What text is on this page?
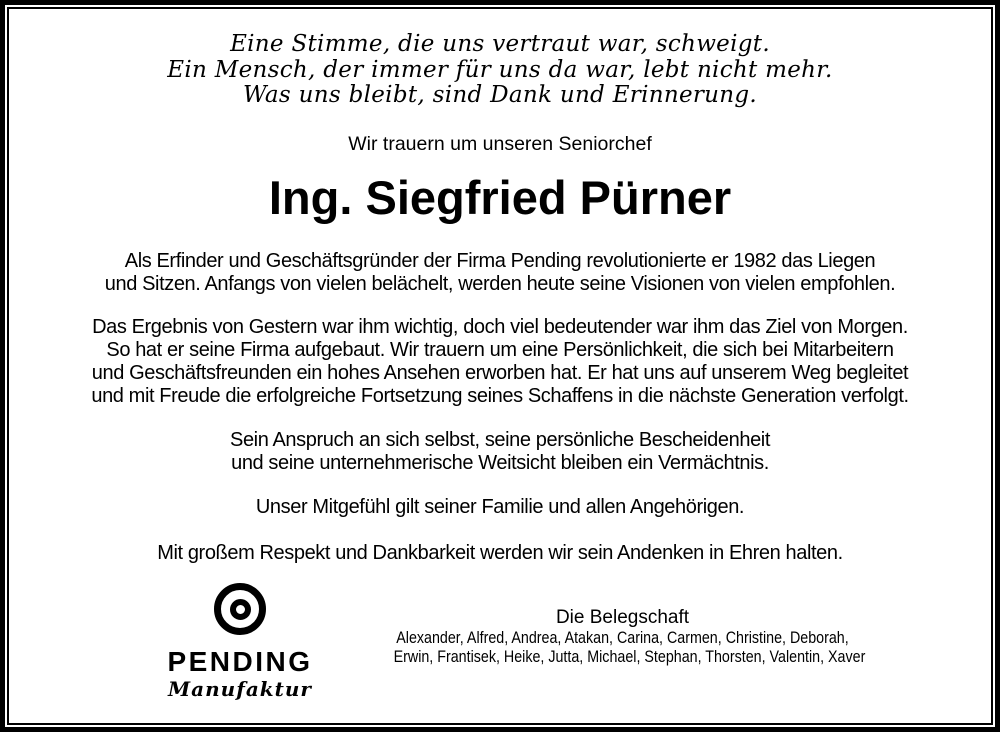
Eine Stimme, die uns vertraut war, schweigt.
Ein Mensch, der immer für uns da war, lebt nicht mehr.
Was uns bleibt, sind Dank und Erinnerung.
Wir trauern um unseren Seniorchef
Ing. Siegfried Pürner
Als Erfinder und Geschäftsgründer der Firma Pending revolutionierte er 1982 das Liegen
und Sitzen. Anfangs von vielen belächelt, werden heute seine Visionen von vielen empfohlen.
Das Ergebnis von Gestern war ihm wichtig, doch viel bedeutender war ihm das Ziel von Morgen.
So hat er seine Firma aufgebaut. Wir trauern um eine Persönlichkeit, die sich bei Mitarbeitern
und Geschäftsfreunden ein hohes Ansehen erworben hat. Er hat uns auf unserem Weg begleitet
und mit Freude die erfolgreiche Fortsetzung seines Schaffens in die nächste Generation verfolgt.
Sein Anspruch an sich selbst, seine persönliche Bescheidenheit
und seine unternehmerische Weitsicht bleiben ein Vermächtnis.
Unser Mitgefühl gilt seiner Familie und allen Angehörigen.
Mit großem Respekt und Dankbarkeit werden wir sein Andenken in Ehren halten.
PENDING
Manufaktur
Die Belegschaft
Alexander, Alfred, Andrea, Atakan, Carina, Carmen, Christine, Deborah,
Erwin, Frantisek, Heike, Jutta, Michael, Stephan, Thorsten, Valentin, Xaver
